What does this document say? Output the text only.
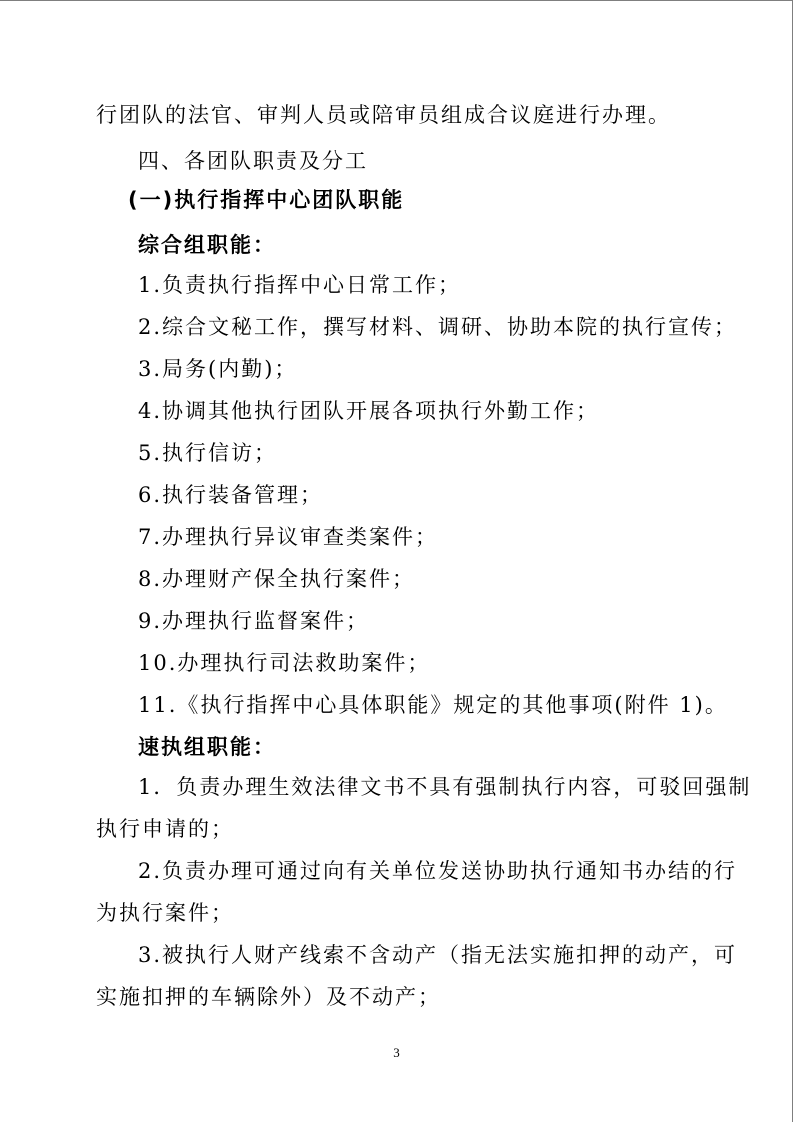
行团队的法官、审判人员或陪审员组成合议庭进行办理。
四、各团队职责及分工
(一)执行指挥中心团队职能
综合组职能：
1.负责执行指挥中心日常工作；
2.综合文秘工作，撰写材料、调研、协助本院的执行宣传；
3.局务(内勤)；
4.协调其他执行团队开展各项执行外勤工作；
5.执行信访；
6.执行装备管理；
7.办理执行异议审查类案件；
8.办理财产保全执行案件；
9.办理执行监督案件；
10.办理执行司法救助案件；
11.《执行指挥中心具体职能》规定的其他事项(附件 1)。
速执组职能：
1．负责办理生效法律文书不具有强制执行内容，可驳回强制
执行申请的；
2.负责办理可通过向有关单位发送协助执行通知书办结的行
为执行案件；
3.被执行人财产线索不含动产（指无法实施扣押的动产，可
实施扣押的车辆除外）及不动产；
3
